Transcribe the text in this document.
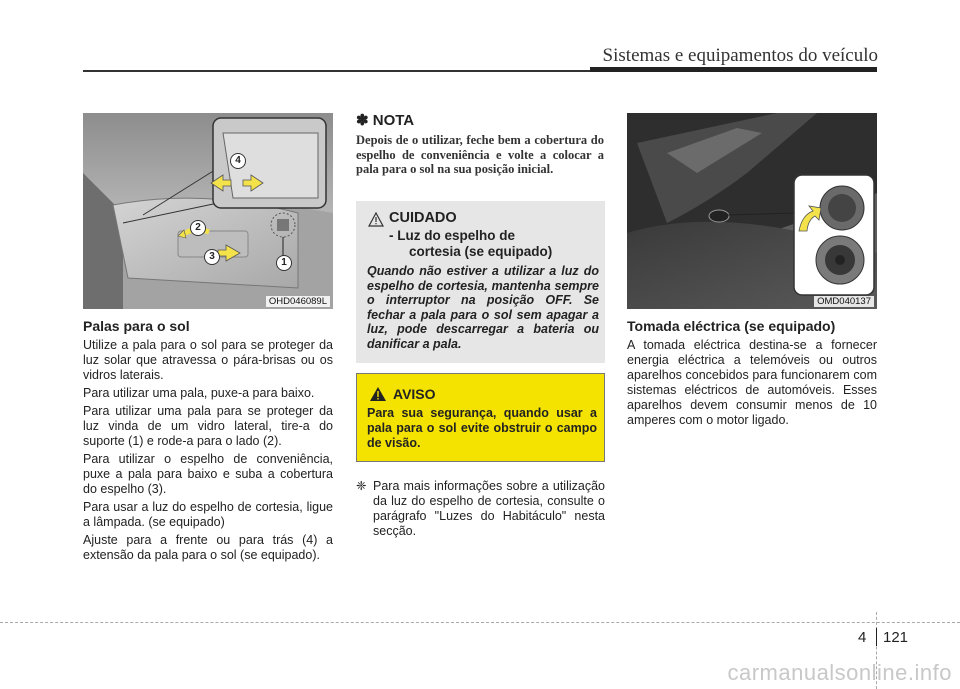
Sistemas e equipamentos do veículo
4
2
3
1
OHD046089L
Palas para o sol

Utilize a pala para o sol para se proteger da luz solar que atravessa o pára-brisas ou os vidros laterais.

Para utilizar uma pala, puxe-a para baixo.

Para utilizar uma pala para se proteger da luz vinda de um vidro lateral, tire-a do suporte (1) e rode-a para o lado (2).

Para utilizar o espelho de conveniência, puxe a pala para baixo e suba a cobertura do espelho (3).

Para usar a luz do espelho de cortesia, ligue a lâmpada. (se equipado)

Ajuste para a frente ou para trás (4) a extensão da pala para o sol (se equipado).

✽ NOTA
Depois de o utilizar, feche bem a cobertura do espelho de conveniência e volte a colocar a pala para o sol na sua posição inicial.
CUIDADO
- Luz do espelho de
cortesia (se equipado)
Quando não estiver a utilizar a luz do espelho de cortesia, mantenha sempre o interruptor na posição OFF. Se fechar a pala para o sol sem apagar a luz, pode descarregar a bateria ou danificar a pala.
AVISO
Para sua segurança, quando usar a pala para o sol evite obstruir o campo de visão.
❈ Para mais informações sobre a utilização da luz do espelho de cortesia, consulte o parágrafo "Luzes do Habitáculo" nesta secção.
OMD040137
Tomada eléctrica (se equipado)
A tomada eléctrica destina-se a fornecer energia eléctrica a telemóveis ou outros aparelhos concebidos para funcionarem com sistemas eléctricos de automóveis. Esses aparelhos devem consumir menos de 10 amperes com o motor ligado.
4 121
carmanualsonline.info
